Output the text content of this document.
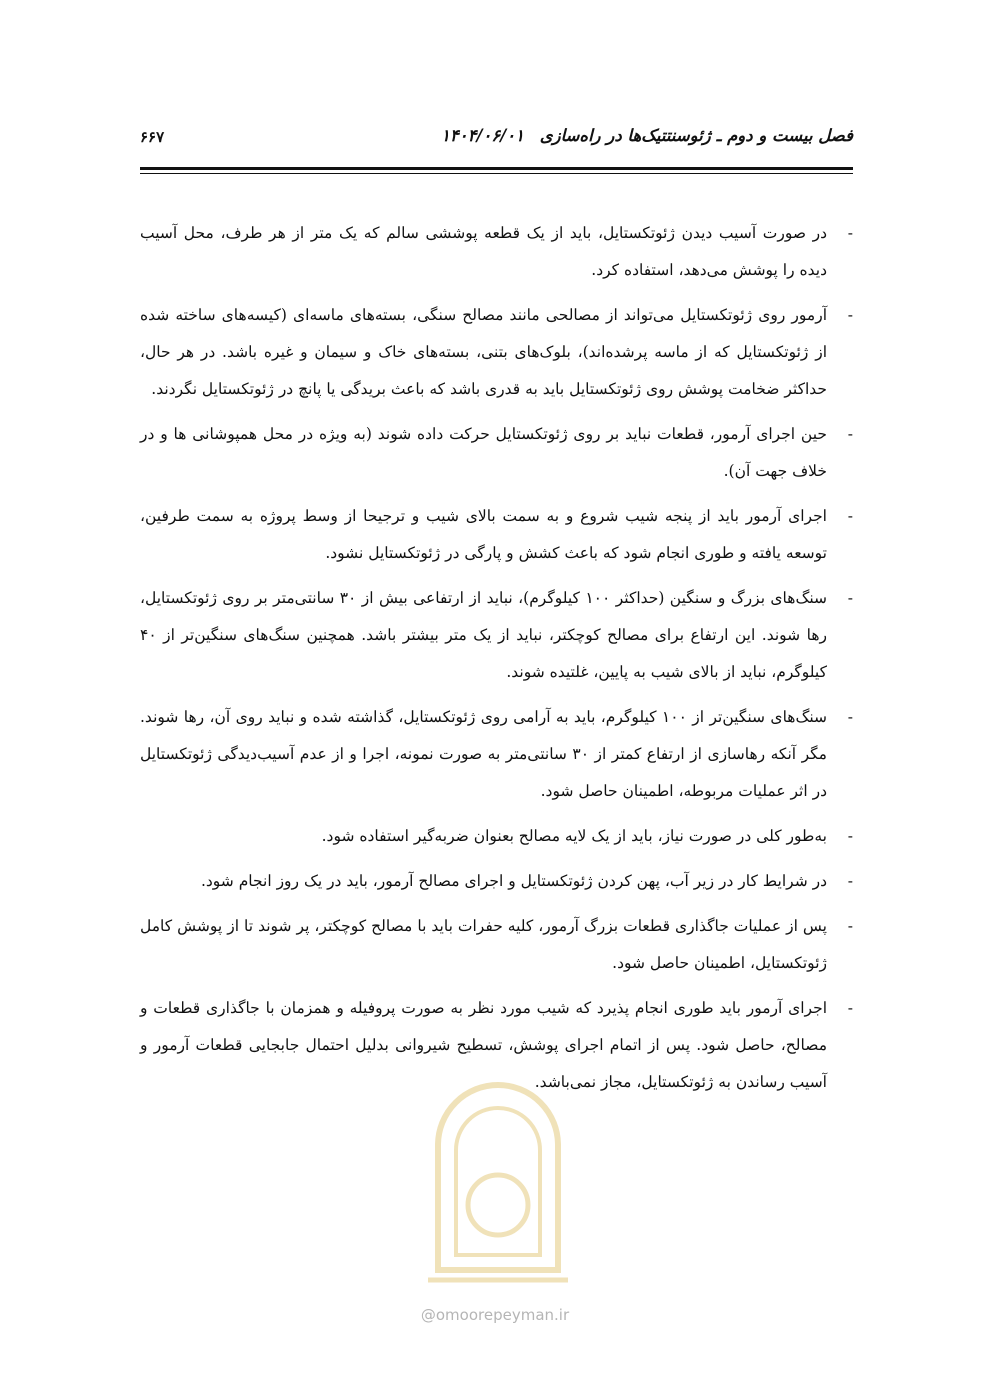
فصل بیست و دوم ـ ژئوسنتتیک‌ها در راه‌سازی ۱۴۰۴/۰۶/۰۱
۶۶۷
-
در صورت آسیب دیدن ژئوتکستایل، باید از یک قطعه پوششی سالم که یک متر از هر طرف، محل آسیب دیده را پوشش می‌دهد، استفاده کرد.
-
آرمور روی ژئوتکستایل می‌تواند از مصالحی مانند مصالح سنگی، بسته‌های ماسه‌ای (کیسه‌های ساخته شده از ژئوتکستایل که از ماسه پرشده‌اند)، بلوک‌های بتنی، بسته‌های خاک و سیمان و غیره باشد. در هر حال، حداکثر ضخامت پوشش روی ژئوتکستایل باید به قدری باشد که باعث بریدگی یا پانچ در ژئوتکستایل نگردند.
-
حین اجرای آرمور، قطعات نباید بر روی ژئوتکستایل حرکت داده شوند (به ویژه در محل همپوشانی ها و در خلاف جهت آن).
-
اجرای آرمور باید از پنجه شیب شروع و به سمت بالای شیب و ترجیحا از وسط پروژه به سمت طرفین، توسعه یافته و طوری انجام شود که باعث کشش و پارگی در ژئوتکستایل نشود.
-
سنگ‌های بزرگ و سنگین (حداکثر ۱۰۰ کیلوگرم)، نباید از ارتفاعی بیش از ۳۰ سانتی‌متر بر روی ژئوتکستایل، رها شوند. این ارتفاع برای مصالح کوچکتر، نباید از یک متر بیشتر باشد. همچنین سنگ‌های سنگین‌تر از ۴۰ کیلوگرم، نباید از بالای شیب به پایین، غلتیده شوند.
-
سنگ‌های سنگین‌تر از ۱۰۰ کیلوگرم، باید به آرامی روی ژئوتکستایل، گذاشته شده و نباید روی آن، رها شوند. مگر آنکه رهاسازی از ارتفاع کمتر از ۳۰ سانتی‌متر به صورت نمونه، اجرا و از عدم آسیب‌دیدگی ژئوتکستایل در اثر عملیات مربوطه، اطمینان حاصل شود.
-
به‌طور کلی در صورت نیاز، باید از یک لایه مصالح بعنوان ضربه‌گیر استفاده شود.
-
در شرایط کار در زیر آب، پهن کردن ژئوتکستایل و اجرای مصالح آرمور، باید در یک روز انجام شود.
-
پس از عملیات جاگذاری قطعات بزرگ آرمور، کلیه حفرات باید با مصالح کوچکتر، پر شوند تا از پوشش کامل ژئوتکستایل، اطمینان حاصل شود.
-
اجرای آرمور باید طوری انجام پذیرد که شیب مورد نظر به صورت پروفیله و همزمان با جاگذاری قطعات و مصالح، حاصل شود. پس از اتمام اجرای پوشش، تسطیح شیروانی بدلیل احتمال جابجایی قطعات آرمور و آسیب رساندن به ژئوتکستایل، مجاز نمی‌باشد.
@omoorepeyman.ir
